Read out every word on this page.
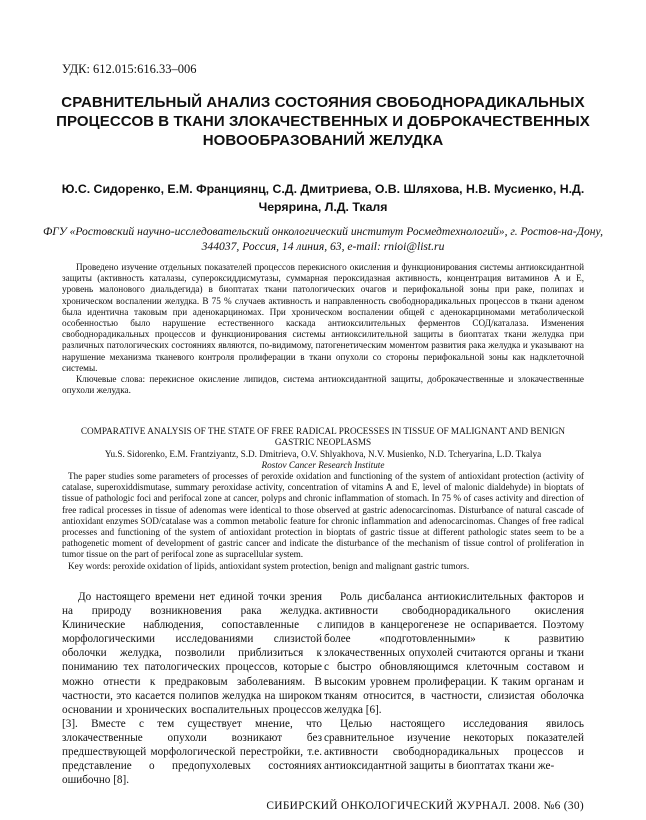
УДК: 612.015:616.33–006
СРАВНИТЕЛЬНЫЙ АНАЛИЗ СОСТОЯНИЯ СВОБОДНОРАДИКАЛЬНЫХ ПРОЦЕССОВ В ТКАНИ ЗЛОКАЧЕСТВЕННЫХ И ДОБРОКАЧЕСТВЕННЫХ НОВООБРАЗОВАНИЙ ЖЕЛУДКА
Ю.С. Сидоренко, Е.М. Франциянц, С.Д. Дмитриева, О.В. Шляхова, Н.В. Мусиенко, Н.Д. Черярина, Л.Д. Ткаля
ФГУ «Ростовский научно-исследовательский онкологический институт Росмедтехнологий», г. Ростов-на-Дону, 344037, Россия, 14 линия, 63, e-mail: rnioi@list.ru

Проведено изучение отдельных показателей процессов перекисного окисления и функционирования системы антиоксидантной защиты (активность каталазы, супероксиддисмутазы, суммарная пероксидазная активность, концентрация витаминов А и Е, уровень малонового диальдегида) в биоптатах ткани патологических очагов и перифокальной зоны при раке, полипах и хроническом воспалении желудка. В 75 % случаев активность и направленность свободнорадикальных процессов в ткани аденом была идентична таковым при аденокарциномах. При хроническом воспалении общей с аденокарциномами метаболической особенностью было нарушение естественного каскада антиоксилительных ферментов СОД/каталаза. Изменения свободнорадикальных процессов и функционирования системы антиоксилительной защиты в биоптатах ткани желудка при различных патологических состояниях являются, по-видимому, патогенетическим моментом развития рака желудка и указывают на нарушение механизма тканевого контроля пролиферации в ткани опухоли со стороны перифокальной зоны как надклеточной системы.

Ключевые слова: перекисное окисление липидов, система антиоксидантной защиты, доброкачественные и злокачественные опухоли желудка.

COMPARATIVE ANALYSIS OF THE STATE OF FREE RADICAL PROCESSES IN TISSUE OF MALIGNANT AND BENIGN GASTRIC NEOPLASMS
Yu.S. Sidorenko, E.M. Frantziyantz, S.D. Dmitrieva, O.V. Shlyakhova, N.V. Musienko, N.D. Tcheryarina, L.D. Tkalya
Rostov Cancer Research Institute

The paper studies some parameters of processes of peroxide oxidation and functioning of the system of antioxidant protection (activity of catalase, superoxiddismutase, summary peroxidase activity, concentration of vitamins A and E, level of malonic dialdehyde) in bioptats of tissue of pathologic foci and perifocal zone at cancer, polyps and chronic inflammation of stomach. In 75 % of cases activity and direction of free radical processes in tissue of adenomas were identical to those observed at gastric adenocarcinomas. Disturbance of natural cascade of antioxidant enzymes SOD/catalase was a common metabolic feature for chronic inflammation and adenocarcinomas. Changes of free radical processes and functioning of the system of antioxidant protection in bioptats of gastric tissue at different pathologic states seem to be a pathogenetic moment of development of gastric cancer and indicate the disturbance of the mechanism of tissue control of proliferation in tumor tissue on the part of perifocal zone as supracellular system.

Key words: peroxide oxidation of lipids, antioxidant system protection, benign and malignant gastric tumors.

До настоящего времени нет единой точки зрения на природу возникновения рака желудка. Клинические наблюдения, сопоставленные с морфологическими исследованиями слизистой оболочки желудка, позволили приблизиться к пониманию тех патологических процессов, которые можно отнести к предраковым заболеваниям. В частности, это касается полипов желудка на широком основании и хронических воспалительных процессов [3]. Вместе с тем существует мнение, что злокачественные опухоли возникают без предшествующей морфологической перестройки, т.е. представление о предопухолевых состояниях ошибочно [8].

Роль дисбаланса антиокислительных факторов и активности свободнорадикального окисления липидов в канцерогенезе не оспаривается. Поэтому более «подготовленными» к развитию злокачественных опухолей считаются органы и ткани с быстро обновляющимся клеточным составом и высоким уровнем пролиферации. К таким органам и тканям относится, в частности, слизистая оболочка желудка [6].

Целью настоящего исследования явилось сравнительное изучение некоторых показателей активности свободнорадикальных процессов и антиоксидантной защиты в биоптатах ткани же-

СИБИРСКИЙ ОНКОЛОГИЧЕСКИЙ ЖУРНАЛ. 2008. №6 (30)
